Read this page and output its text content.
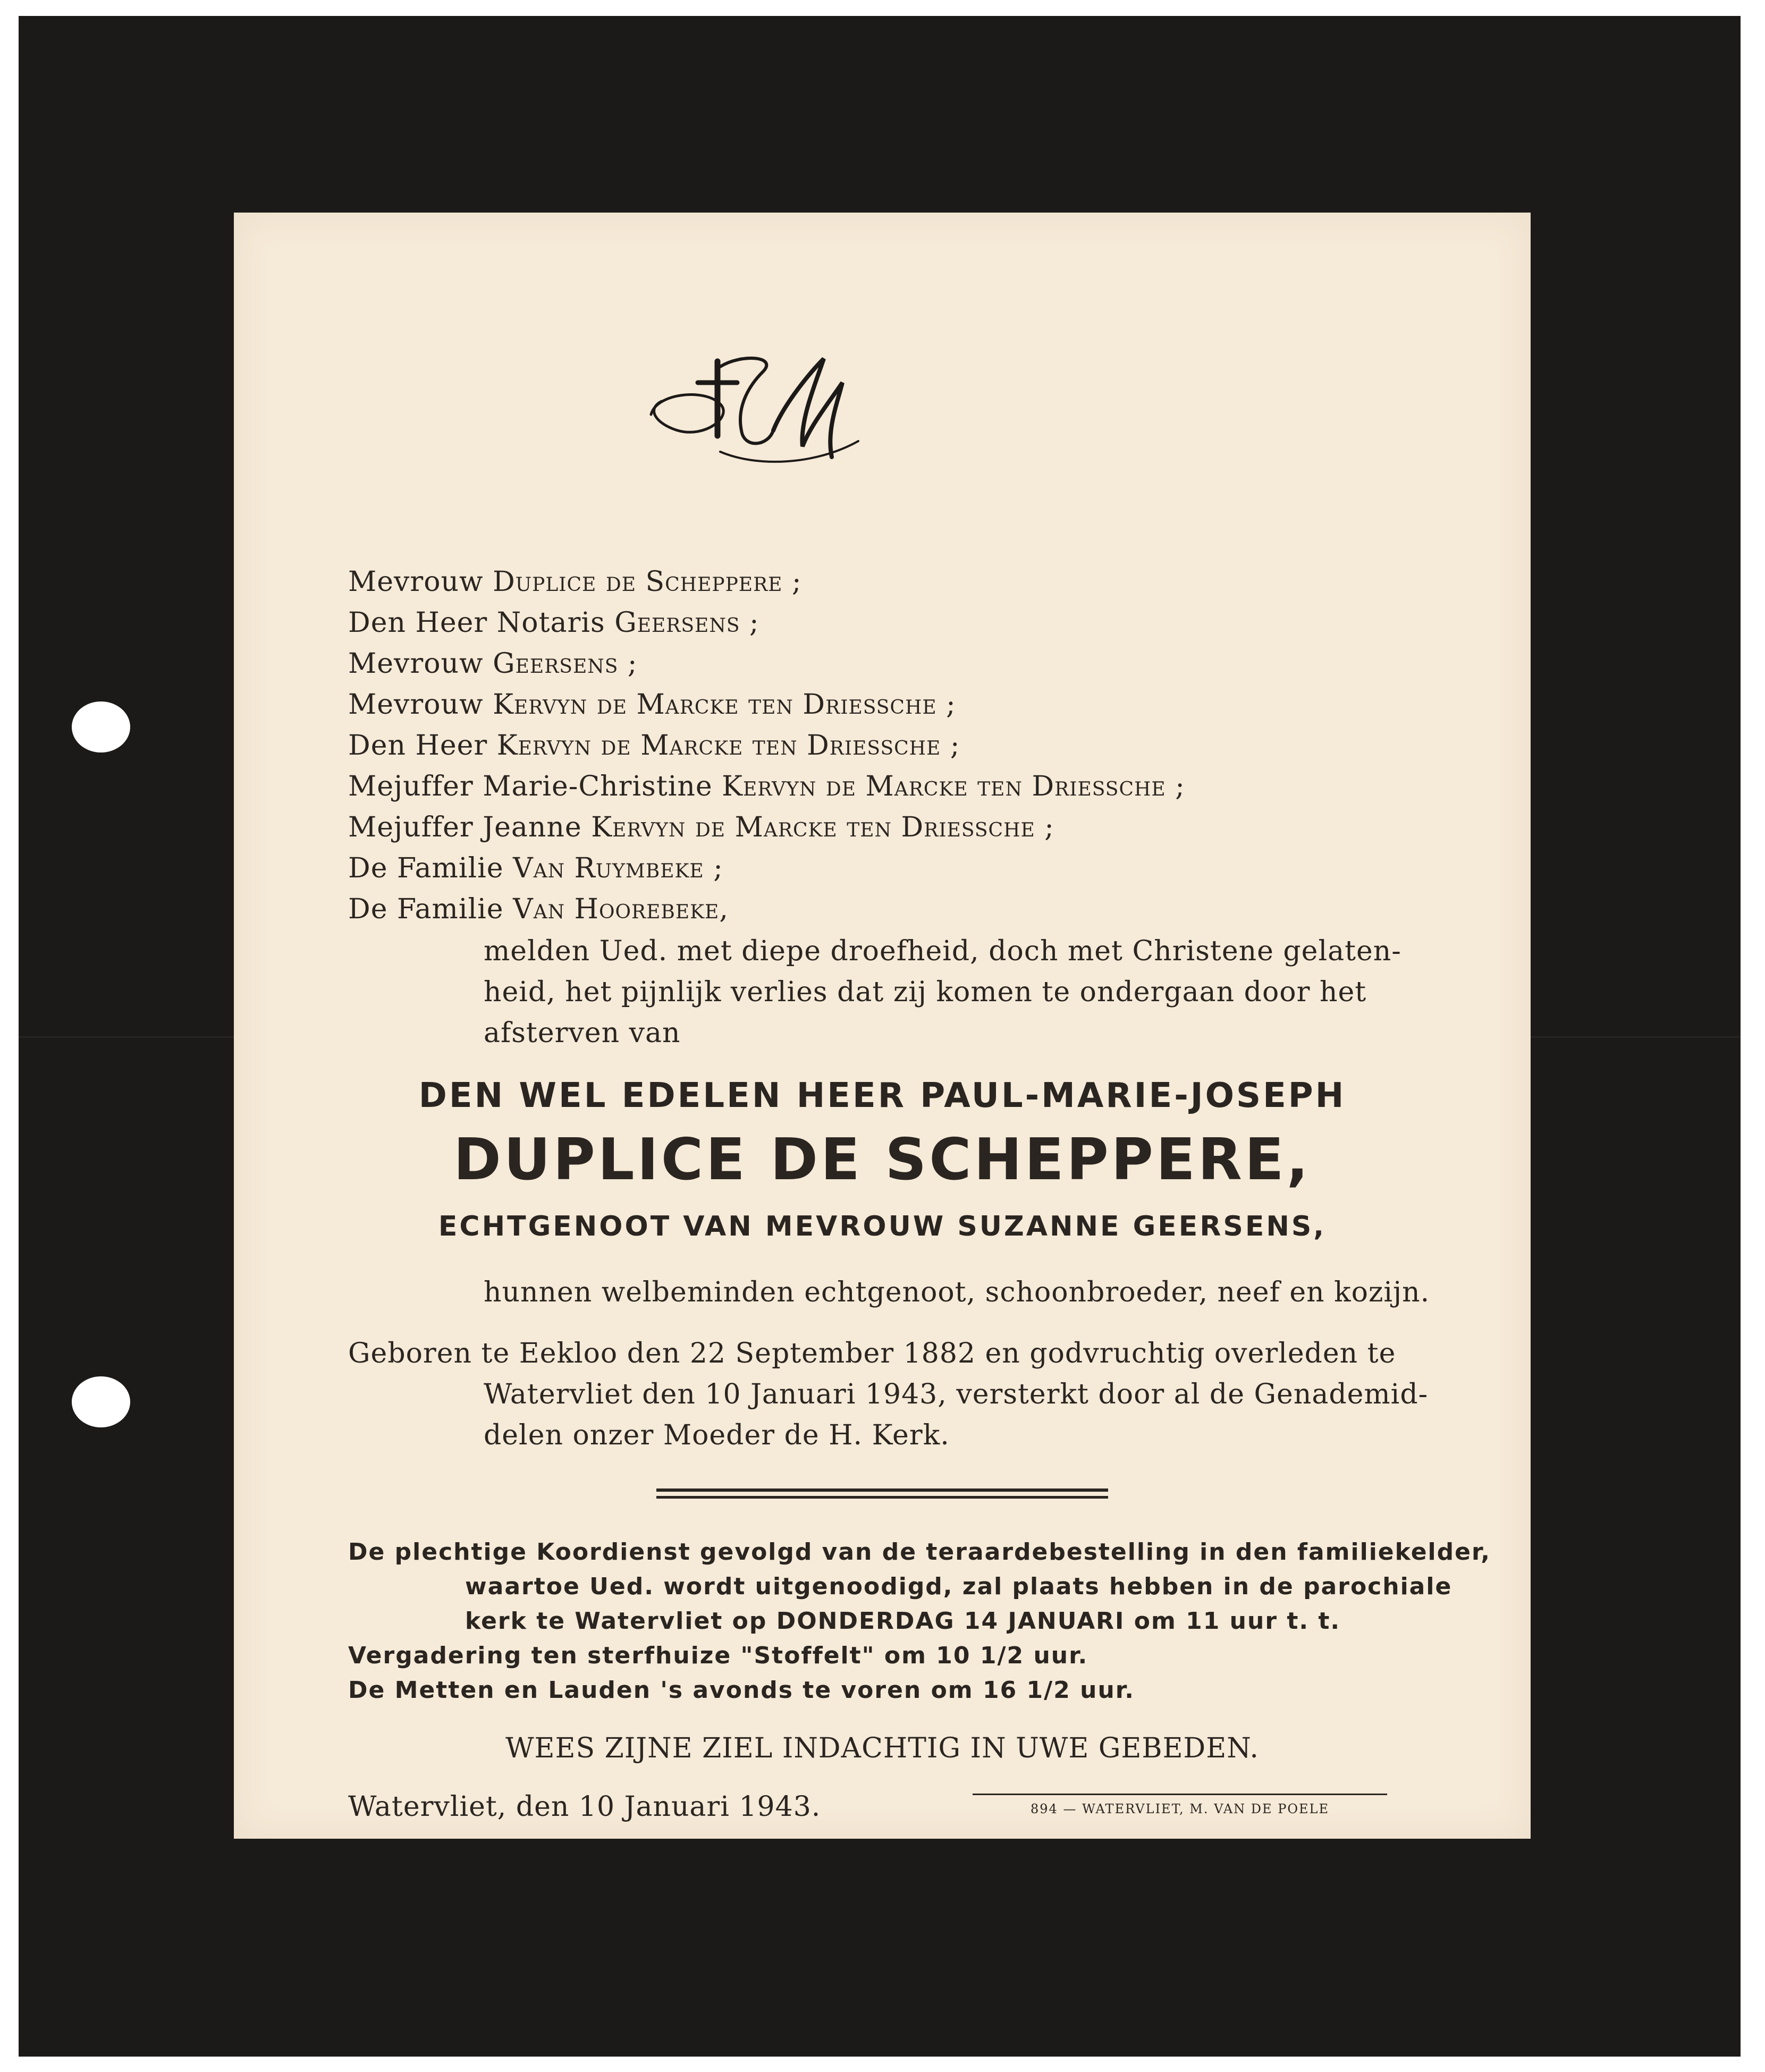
melden Ued. met diepe droefheid, doch met Christene gelaten-
heid, het pijnlijk verlies dat zij komen te ondergaan door het
afsterven van
DEN WEL EDELEN HEER PAUL-MARIE-JOSEPH
DUPLICE DE SCHEPPERE,
ECHTGENOOT VAN MEVROUW SUZANNE GEERSENS,
hunnen welbeminden echtgenoot, schoonbroeder, neef en kozijn.
Geboren te Eekloo den 22 September 1882 en godvruchtig overleden te
Watervliet den 10 Januari 1943, versterkt door al de Genademid-
delen onzer Moeder de H. Kerk.
De plechtige Koordienst gevolgd van de teraardebestelling in den familiekelder,
waartoe Ued. wordt uitgenoodigd, zal plaats hebben in de parochiale
kerk te Watervliet op DONDERDAG 14 JANUARI om 11 uur t. t.
Vergadering ten sterfhuize "Stoffelt" om 10 1/2 uur.
De Metten en Lauden 's avonds te voren om 16 1/2 uur.
WEES ZIJNE ZIEL INDACHTIG IN UWE GEBEDEN.
Watervliet, den 10 Januari 1943.	894 — WATERVLIET, M. VAN DE POELE
Mevrouw Duplice de Scheppere ;
Den Heer Notaris Geersens ;
Mevrouw Geersens ;
Mevrouw Kervyn de Marcke ten Driessche ;
Den Heer Kervyn de Marcke ten Driessche ;
Mejuffer Marie-Christine Kervyn de Marcke ten Driessche ;
Mejuffer Jeanne Kervyn de Marcke ten Driessche ;
De Familie Van Ruymbeke ;
De Familie Van Hoorebeke,
